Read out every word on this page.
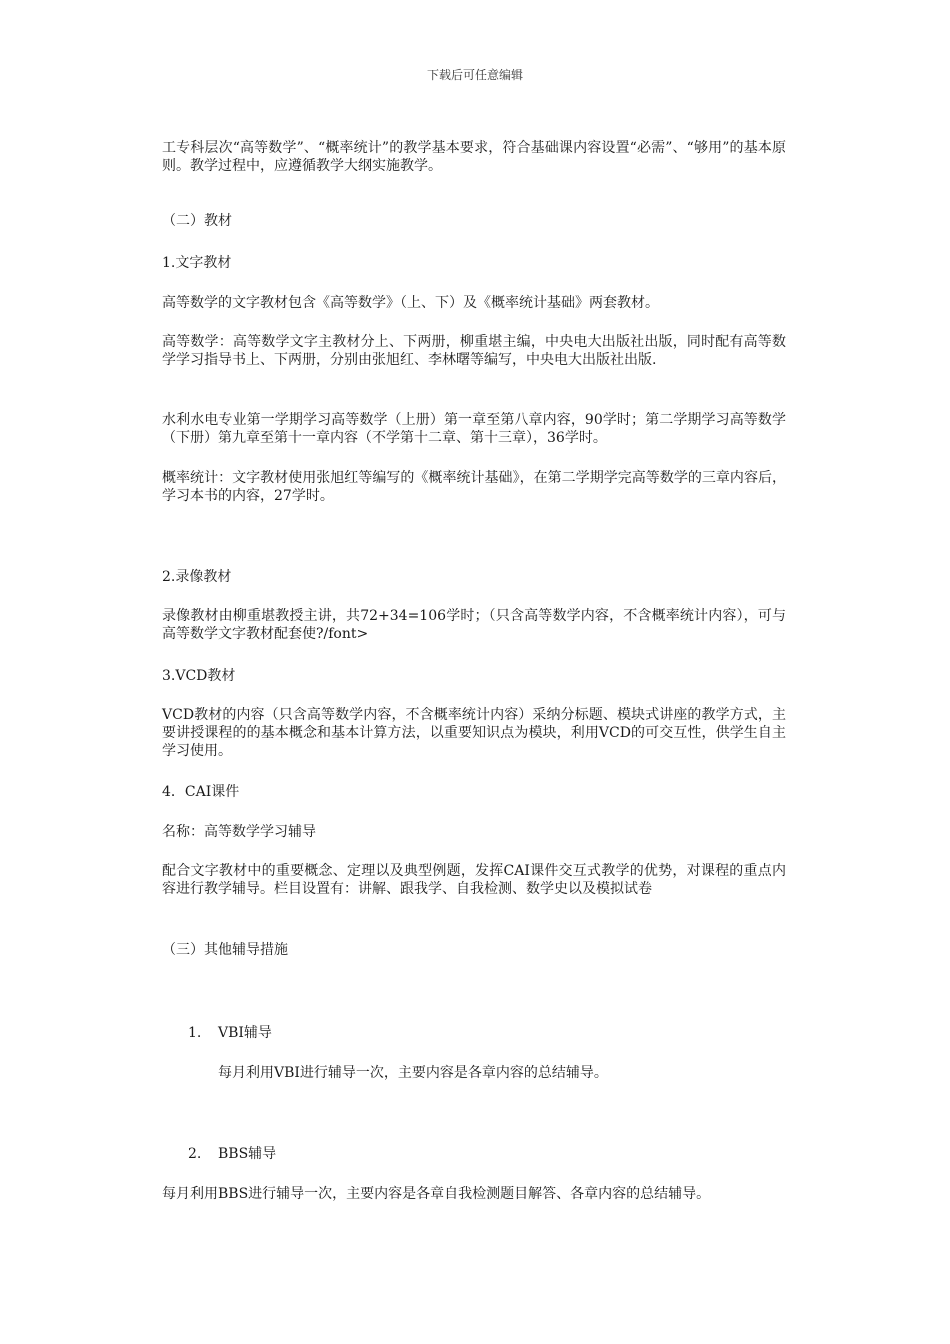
下载后可任意编辑
工专科层次“高等数学”、“概率统计”的教学基本要求，符合基础课内容设置“必需”、“够用”的基本原则。教学过程中，应遵循教学大纲实施教学。
（二）教材
1.文字教材
高等数学的文字教材包含《高等数学》（上、下）及《概率统计基础》两套教材。
高等数学：高等数学文字主教材分上、下两册，柳重堪主编，中央电大出版社出版，同时配有高等数学学习指导书上、下两册，分别由张旭红、李林曙等编写，中央电大出版社出版.
水利水电专业第一学期学习高等数学（上册）第一章至第八章内容，90学时；第二学期学习高等数学（下册）第九章至第十一章内容（不学第十二章、第十三章），36学时。
概率统计：文字教材使用张旭红等编写的《概率统计基础》，在第二学期学完高等数学的三章内容后，学习本书的内容，27学时。
2.录像教材
录像教材由柳重堪教授主讲，共72+34=106学时；（只含高等数学内容，不含概率统计内容），可与高等数学文字教材配套使?/font>
3.VCD教材
VCD教材的内容（只含高等数学内容，不含概率统计内容）采纳分标题、模块式讲座的教学方式，主要讲授课程的的基本概念和基本计算方法，以重要知识点为模块，利用VCD的可交互性，供学生自主学习使用。
4．CAI课件
名称：高等数学学习辅导
配合文字教材中的重要概念、定理以及典型例题，发挥CAI课件交互式教学的优势，对课程的重点内容进行教学辅导。栏目设置有：讲解、跟我学、自我检测、数学史以及模拟试卷
（三）其他辅导措施
1. VBI辅导
每月利用VBI进行辅导一次，主要内容是各章内容的总结辅导。
2. BBS辅导
每月利用BBS进行辅导一次，主要内容是各章自我检测题目解答、各章内容的总结辅导。
